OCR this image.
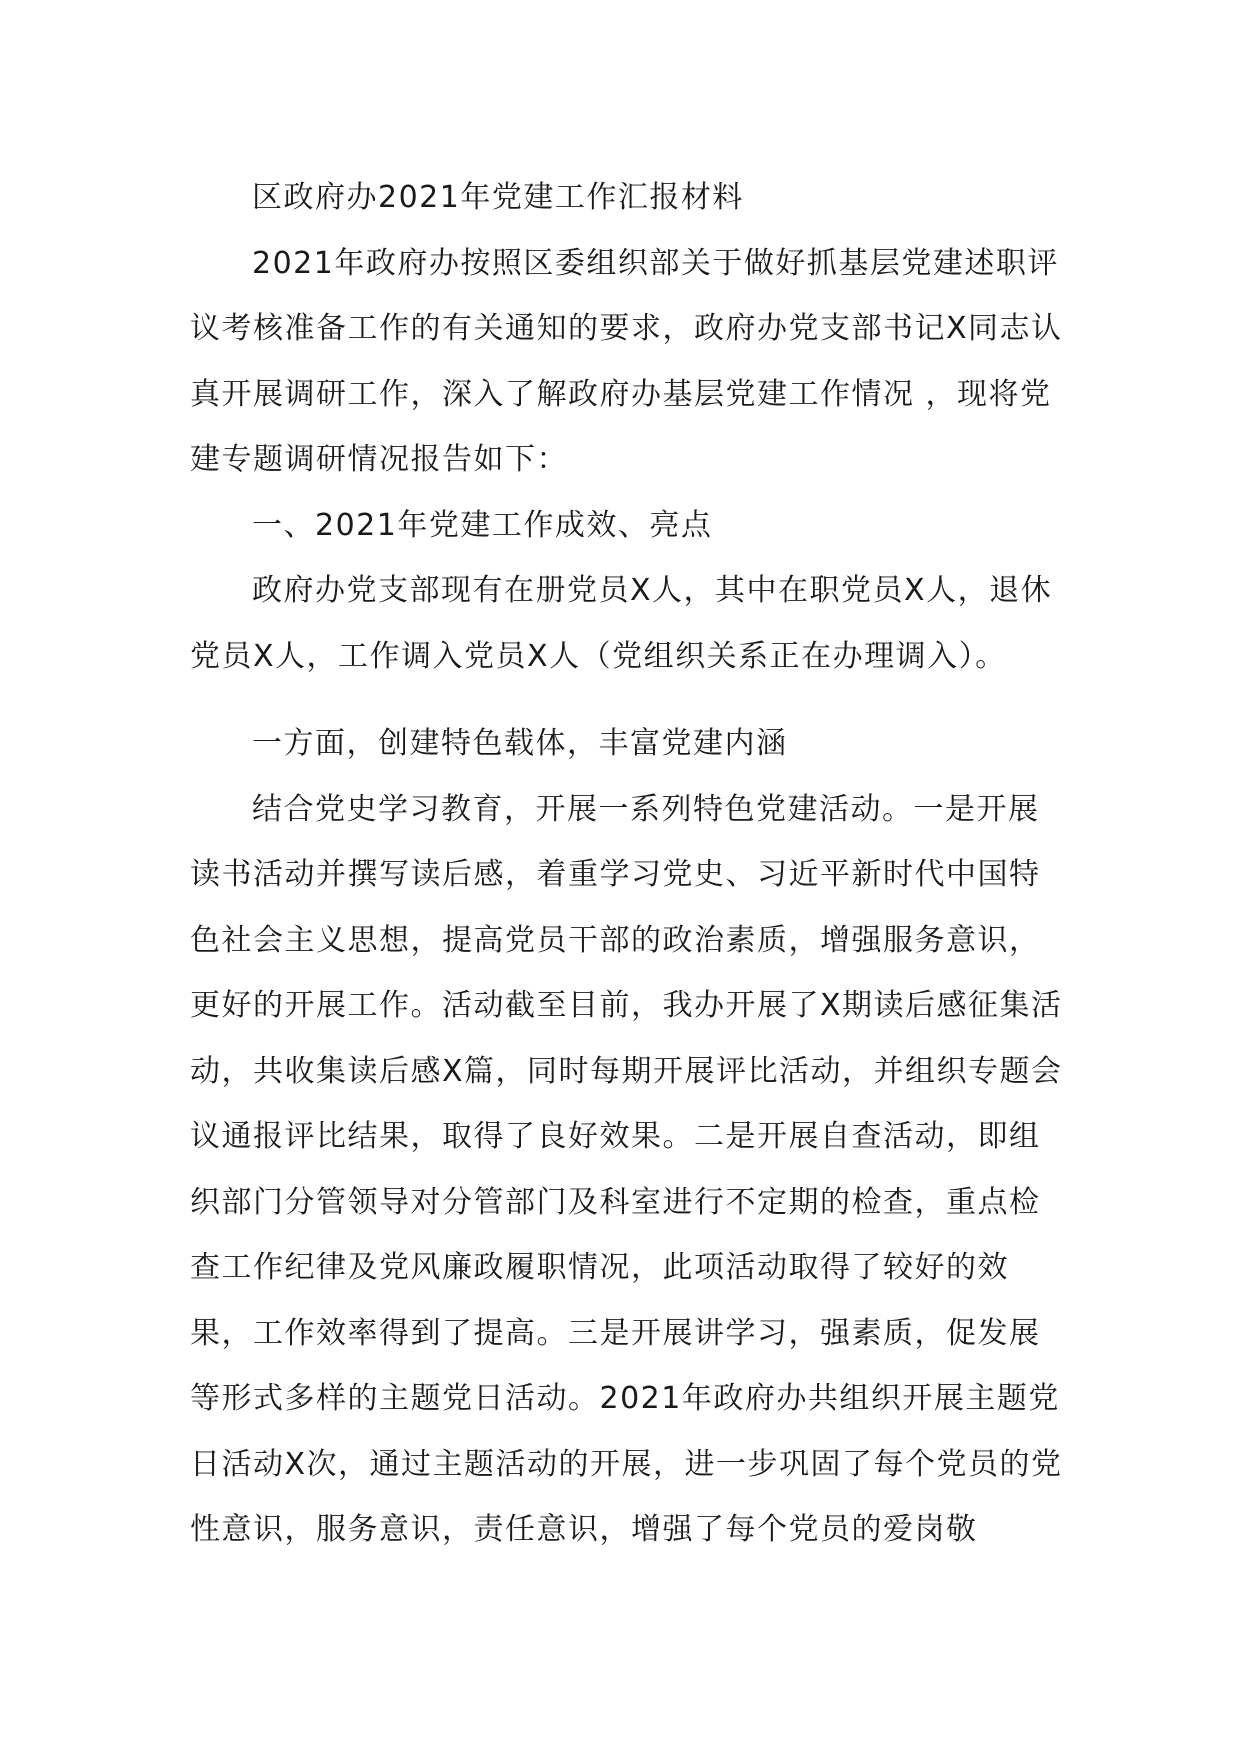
区政府办2021年党建工作汇报材料

2021年政府办按照区委组织部关于做好抓基层党建述职评议考核准备工作的有关通知的要求，政府办党支部书记X同志认真开展调研工作，深入了解政府办基层党建工作情况 ，现将党建专题调研情况报告如下：

一、2021年党建工作成效、亮点

政府办党支部现有在册党员X人，其中在职党员X人，退休党员X人，工作调入党员X人（党组织关系正在办理调入）。

一方面，创建特色载体，丰富党建内涵

结合党史学习教育，开展一系列特色党建活动。一是开展读书活动并撰写读后感，着重学习党史、习近平新时代中国特色社会主义思想，提高党员干部的政治素质，增强服务意识，更好的开展工作。活动截至目前，我办开展了X期读后感征集活动，共收集读后感X篇，同时每期开展评比活动，并组织专题会议通报评比结果，取得了良好效果。二是开展自查活动，即组织部门分管领导对分管部门及科室进行不定期的检查，重点检查工作纪律及党风廉政履职情况，此项活动取得了较好的效果，工作效率得到了提高。三是开展讲学习，强素质，促发展等形式多样的主题党日活动。2021年政府办共组织开展主题党日活动X次，通过主题活动的开展，进一步巩固了每个党员的党性意识，服务意识，责任意识，增强了每个党员的爱岗敬
